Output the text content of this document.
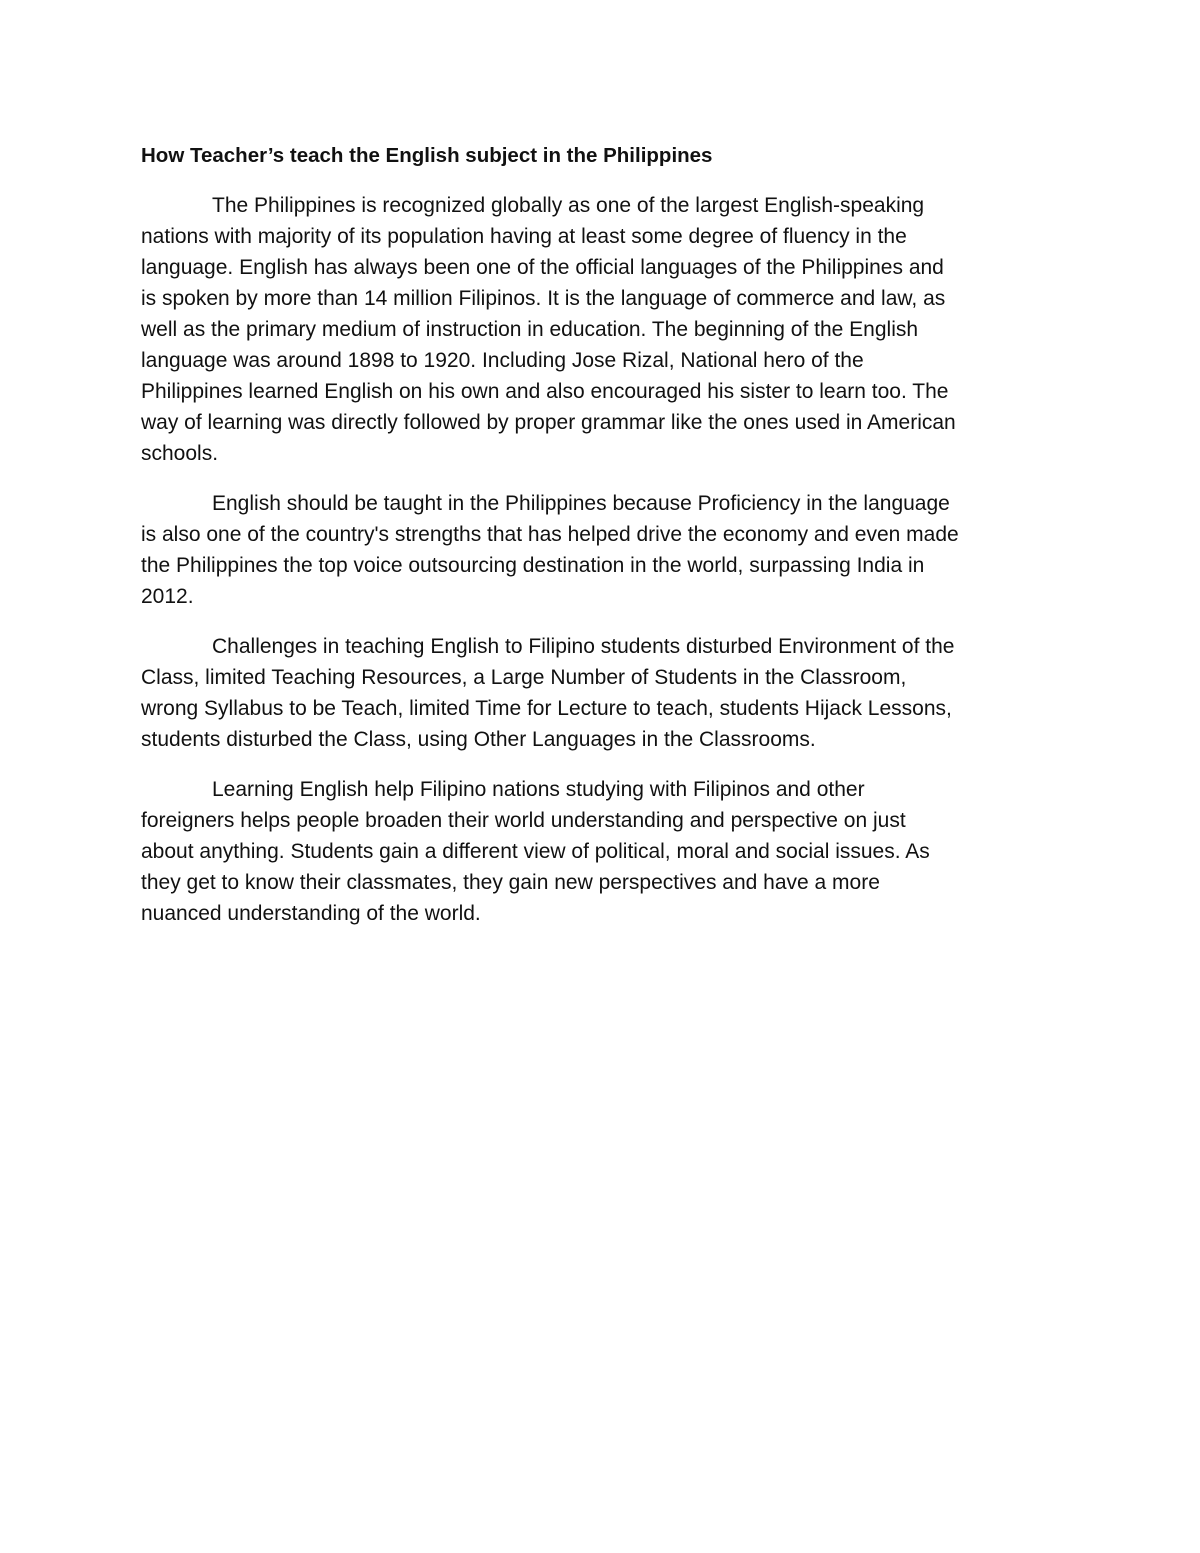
How Teacher’s teach the English subject in the Philippines

The Philippines is recognized globally as one of the largest English-speaking
nations with majority of its population having at least some degree of fluency in the
language. English has always been one of the official languages of the Philippines and
is spoken by more than 14 million Filipinos. It is the language of commerce and law, as
well as the primary medium of instruction in education. The beginning of the English
language was around 1898 to 1920. Including Jose Rizal, National hero of the
Philippines learned English on his own and also encouraged his sister to learn too. The
way of learning was directly followed by proper grammar like the ones used in American
schools.

English should be taught in the Philippines because Proficiency in the language
is also one of the country's strengths that has helped drive the economy and even made
the Philippines the top voice outsourcing destination in the world, surpassing India in
2012.

Challenges in teaching English to Filipino students disturbed Environment of the
Class, limited Teaching Resources, a Large Number of Students in the Classroom,
wrong Syllabus to be Teach, limited Time for Lecture to teach, students Hijack Lessons,
students disturbed the Class, using Other Languages in the Classrooms.

Learning English help Filipino nations studying with Filipinos and other
foreigners helps people broaden their world understanding and perspective on just
about anything. Students gain a different view of political, moral and social issues. As
they get to know their classmates, they gain new perspectives and have a more
nuanced understanding of the world.
